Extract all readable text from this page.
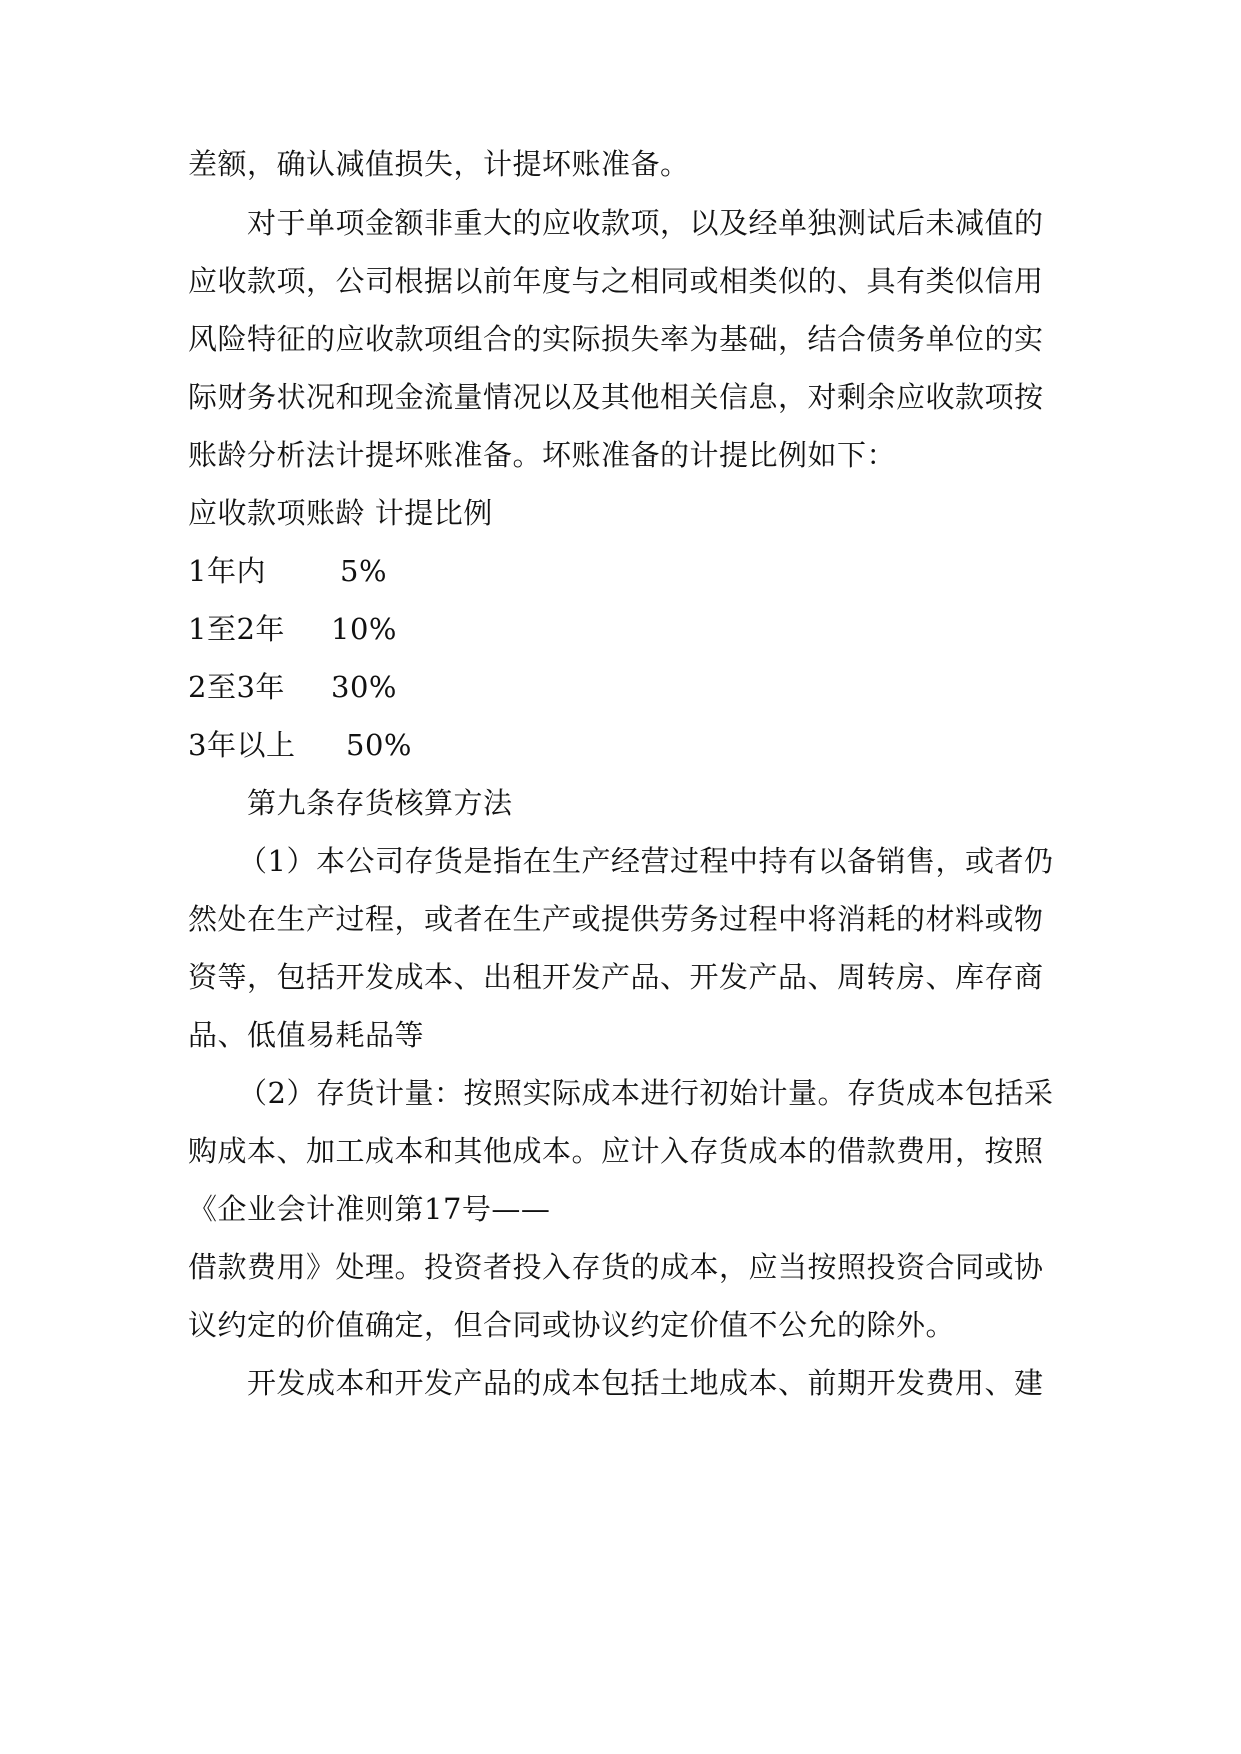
差额，确认减值损失，计提坏账准备。

对于单项金额非重大的应收款项，以及经单独测试后未减值的

应收款项，公司根据以前年度与之相同或相类似的、具有类似信用

风险特征的应收款项组合的实际损失率为基础，结合债务单位的实

际财务状况和现金流量情况以及其他相关信息，对剩余应收款项按

账龄分析法计提坏账准备。坏账准备的计提比例如下：

应收款项账龄 计提比例

1年内	5%

1至2年 10%

2至3年 30%

3年以上 50%

第九条存货核算方法

（1）本公司存货是指在生产经营过程中持有以备销售，或者仍

然处在生产过程，或者在生产或提供劳务过程中将消耗的材料或物

资等，包括开发成本、出租开发产品、开发产品、周转房、库存商

品、低值易耗品等

（2）存货计量：按照实际成本进行初始计量。存货成本包括采

购成本、加工成本和其他成本。应计入存货成本的借款费用，按照

《企业会计准则第17号——

借款费用》处理。投资者投入存货的成本，应当按照投资合同或协

议约定的价值确定，但合同或协议约定价值不公允的除外。

开发成本和开发产品的成本包括土地成本、前期开发费用、建
